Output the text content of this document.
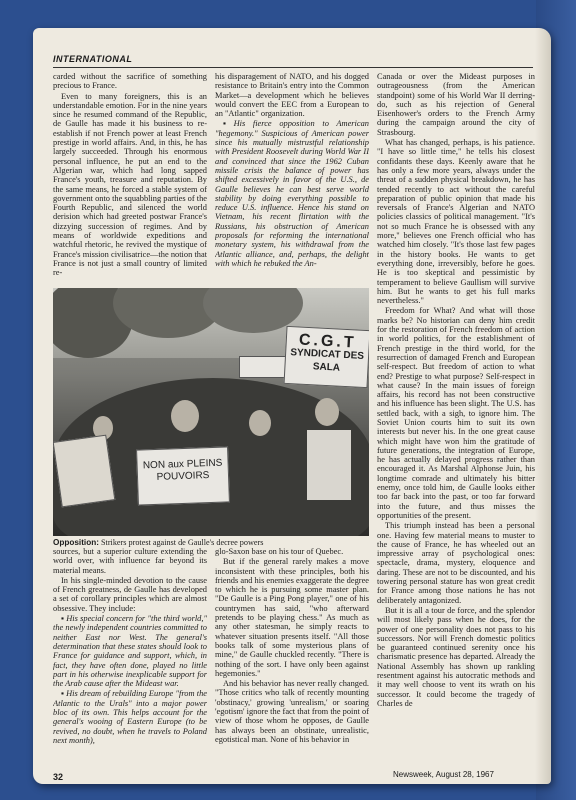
INTERNATIONAL

carded without the sacrifice of something precious to France.

Even to many foreigners, this is an understandable emotion. For in the nine years since he resumed command of the Republic, de Gaulle has made it his business to re-establish if not French power at least French prestige in world affairs. And, in this, he has largely succeeded. Through his enormous personal influence, he put an end to the Algerian war, which had long sapped France's youth, treasure and reputation. By the same means, he forced a stable system of government onto the squabbling parties of the Fourth Republic, and silenced the world derision which had greeted postwar France's dizzying succession of regimes. And by means of worldwide expeditions and watchful rhetoric, he revived the mystique of France's mission civilisatrice—the notion that France is not just a small country of limited re-

his disparagement of NATO, and his dogged resistance to Britain's entry into the Common Market—a development which he believes would convert the EEC from a European to an "Atlantic" organization.

▪ His fierce opposition to American "hegemony." Suspicious of American power since his mutually mistrustful relationship with President Roosevelt during World War II and convinced that since the 1962 Cuban missile crisis the balance of power has shifted excessively in favor of the U.S., de Gaulle believes he can best serve world stability by doing everything possible to reduce U.S. influence. Hence his stand on Vietnam, his recent flirtation with the Russians, his obstruction of American proposals for reforming the international monetary system, his withdrawal from the Atlantic alliance, and, perhaps, the delight with which he rebuked the An-

Canada or over the Mideast purposes in outrageousness (from the American standpoint) some of his World War II derring-do, such as his rejection of General Eisenhower's orders to the French Army during the campaign around the city of Strasbourg.

What has changed, perhaps, is his patience. "I have so little time," he tells his closest confidants these days. Keenly aware that he has only a few more years, always under the threat of a sudden physical breakdown, he has tended recently to act without the careful preparation of public opinion that made his reversals of France's Algerian and NATO policies classics of political management. "It's not so much France he is obsessed with any more," believes one French official who has watched him closely. "It's those last few pages in the history books. He wants to get everything done, irreversibly, before he goes. He is too skeptical and pessimistic by temperament to believe Gaullism will survive him. But he wants to get his full marks nevertheless."

Freedom for What? And what will those marks be? No historian can deny him credit for the restoration of French freedom of action in world politics, for the establishment of French prestige in the third world, for the resurrection of damaged French and European self-respect. But freedom of action to what end? Prestige to what purpose? Self-respect in what cause? In the main issues of foreign affairs, his record has not been constructive and his influence has been slight. The U.S. has settled back, with a sigh, to ignore him. The Soviet Union courts him to suit its own interests but never his. In the one great cause which might have won him the gratitude of future generations, the integration of Europe, he has actually delayed progress rather than encouraged it. As Marshal Alphonse Juin, his longtime comrade and ultimately his bitter enemy, once told him, de Gaulle looks either too far back into the past, or too far forward into the future, and thus misses the opportunities of the present.

This triumph instead has been a personal one. Having few material means to muster to the cause of France, he has wheeled out an impressive array of psychological ones: spectacle, drama, mystery, eloquence and daring. These are not to be discounted, and his towering personal stature has won great credit for France among those nations he has not deliberately antagonized.

But it is all a tour de force, and the splendor will most likely pass when he does, for the power of one personality does not pass to his successors. Nor will French domestic politics be guaranteed continued serenity once his charismatic presence has departed. Already the National Assembly has shown up rankling resentment against his autocratic methods and it may well choose to vent its wrath on his successor. It could become the tragedy of Charles de

C.G.T
SYNDICAT DES SALA
NON aux PLEINS POUVOIRS
Opposition: Strikers protest against de Gaulle's decree powers

sources, but a superior culture extending the world over, with influence far beyond its material means.

In his single-minded devotion to the cause of French greatness, de Gaulle has developed a set of corollary principles which are almost obsessive. They include:

▪ His special concern for "the third world," the newly independent countries committed to neither East nor West. The general's determination that these states should look to France for guidance and support, which, in fact, they have often done, played no little part in his otherwise inexplicable support for the Arab cause after the Mideast war.

▪ His dream of rebuilding Europe "from the Atlantic to the Urals" into a major power bloc of its own. This helps account for the general's wooing of Eastern Europe (to be revived, no doubt, when he travels to Poland next month),

glo-Saxon base on his tour of Quebec.

But if the general rarely makes a move inconsistent with these principles, both his friends and his enemies exaggerate the degree to which he is pursuing some master plan. "De Gaulle is a Ping Pong player," one of his countrymen has said, "who afterward pretends to be playing chess." As much as any other statesman, he simply reacts to whatever situation presents itself. "All those books talk of some mysterious plans of mine," de Gaulle chuckled recently. "There is nothing of the sort. I have only been against hegemonies."

And his behavior has never really changed. "Those critics who talk of recently mounting 'obstinacy,' growing 'unrealism,' or soaring 'egotism' ignore the fact that from the point of view of those whom he opposes, de Gaulle has always been an obstinate, unrealistic, egotistical man. None of his behavior in

32	Newsweek, August 28, 1967
